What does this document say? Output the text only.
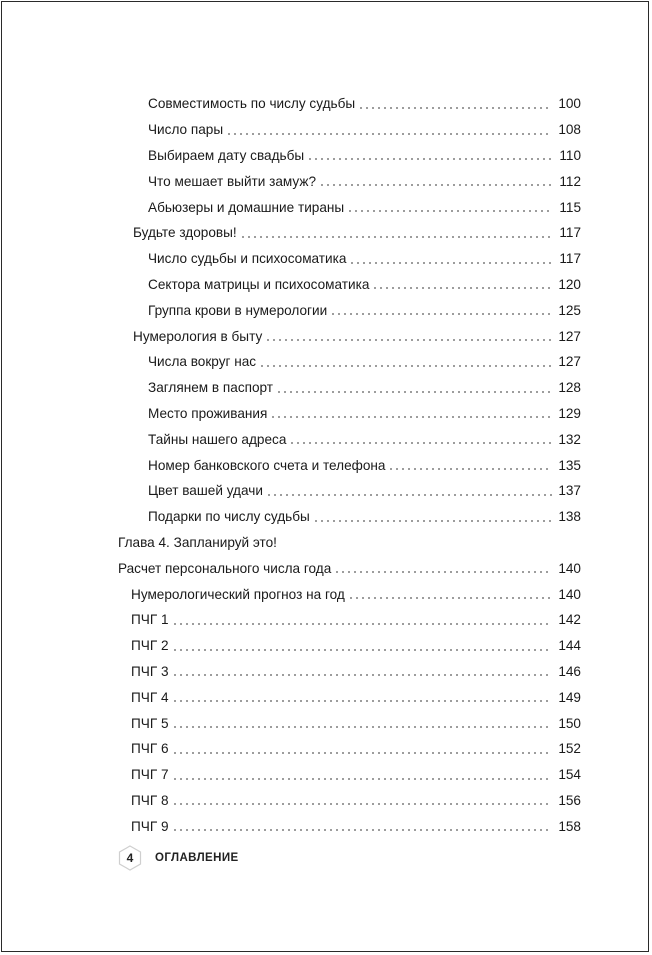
Совместимость по числу судьбы	100
Число пары	108
Выбираем дату свадьбы	110
Что мешает выйти замуж?	112
Абьюзеры и домашние тираны	115
Будьте здоровы!	117
Число судьбы и психосоматика	117
Сектора матрицы и психосоматика	120
Группа крови в нумерологии	125
Нумерология в быту	127
Числа вокруг нас	127
Заглянем в паспорт	128
Место проживания	129
Тайны нашего адреса	132
Номер банковского счета и телефона	135
Цвет вашей удачи	137
Подарки по числу судьбы	138
Глава 4. Запланируй это!
Расчет персонального числа года	140
Нумерологический прогноз на год	140
ПЧГ 1	142
ПЧГ 2	144
ПЧГ 3	146
ПЧГ 4	149
ПЧГ 5	150
ПЧГ 6	152
ПЧГ 7	154
ПЧГ 8	156
ПЧГ 9	158
4	ОГЛАВЛЕНИЕ
